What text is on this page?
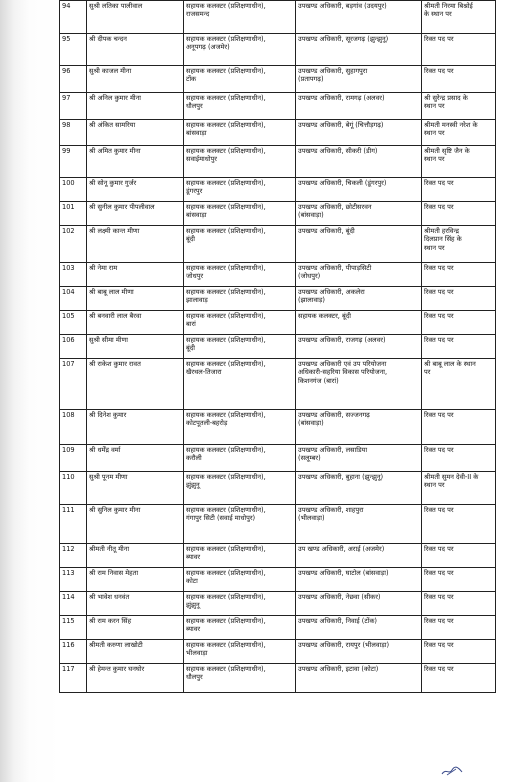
94	सुश्री लतिका पालीवाल	सहायक कलक्टर (प्रशिक्षणाधीन),
राजसमन्द	उपखण्ड अधिकारी, बड़गांव (उदयपुर)	श्रीमती निरमा बिश्नोई
के स्थान पर

95	श्री दीपक चन्दन	सहायक कलक्टर (प्रशिक्षणाधीन),
अनूपगढ़ (अजमेर)	उपखण्ड अधिकारी, सूरजगढ़ (झुन्झुनू)	रिक्त पद पर

96	सुश्री काजल मीना	सहायक कलक्टर (प्रशिक्षणाधीन),
टोंक	उपखण्ड अधिकारी, सुहागपुरा
(प्रतापगढ़)	रिक्त पद पर

97	श्री अनिल कुमार मीना	सहायक कलक्टर (प्रशिक्षणाधीन),
धौलपुर	उपखण्ड अधिकारी, रामगढ़ (अलवर)	श्री सुरेन्द्र प्रसाद के
स्थान पर

98	श्री अंकित सामरिया	सहायक कलक्टर (प्रशिक्षणाधीन),
बांसवाड़ा	उपखण्ड अधिकारी, बेगूं (चित्तौड़गढ़)	श्रीमती मनस्वी नरेश के
स्थान पर

99	श्री अमित कुमार मीना	सहायक कलक्टर (प्रशिक्षणाधीन),
सवाईमाधोपुर	उपखण्ड अधिकारी, सीकरी (डीग)	श्रीमती सृष्टि जैन के
स्थान पर

100	श्री सोनू कुमार गुर्जर	सहायक कलक्टर (प्रशिक्षणाधीन),
डूंगरपुर	उपखण्ड अधिकारी, चिकली (डूंगरपुर)	रिक्त पद पर

101	श्री सुनील कुमार पीपलीवाल	सहायक कलक्टर (प्रशिक्षणाधीन),
बांसवाड़ा	उपखण्ड अधिकारी, छोटीसरवन
(बांसवाड़ा)	रिक्त पद पर

102	श्री लक्ष्मी कान्त मीणा	सहायक कलक्टर (प्रशिक्षणाधीन),
बूंदी	उपखण्ड अधिकारी, बूंदी	श्रीमती हरविन्द्र
दिलप्रान सिंह के
स्थान पर

103	श्री नेमा राम	सहायक कलक्टर (प्रशिक्षणाधीन),
जोधपुर	उपखण्ड अधिकारी, पीपाड़सिटी
(जोधपुर)	रिक्त पद पर

104	श्री बाबू लाल मीणा	सहायक कलक्टर (प्रशिक्षणाधीन),
झालावाड़	उपखण्ड अधिकारी, अकलेरा
(झालावाड़)	रिक्त पद पर

105	श्री बनवारी लाल बैरवा	सहायक कलक्टर (प्रशिक्षणाधीन),
बारां	सहायक कलक्टर, बूंदी	रिक्त पद पर

106	सुश्री सीमा मीणा	सहायक कलक्टर (प्रशिक्षणाधीन),
बूंदी	उपखण्ड अधिकारी, राजगढ़ (अलवर)	रिक्त पद पर

107	श्री राकेश कुमार रावत	सहायक कलक्टर (प्रशिक्षणाधीन),
खैरथल-तिजारा	उपखण्ड अधिकारी एवं उप परियोजना
अधिकारी-सहरिया विकास परियोजना,
किशनगंज (बारां)	श्री बाबू लाल के स्थान
पर

108	श्री दिनेश कुमार	सहायक कलक्टर (प्रशिक्षणाधीन),
कोटपूतली-बहरोड़	उपखण्ड अधिकारी, सज्जनगढ़
(बांसवाड़ा)	रिक्त पद पर

109	श्री धर्मेंद्र वर्मा	सहायक कलक्टर (प्रशिक्षणाधीन),
करौली	उपखण्ड अधिकारी, लसाडिया
(सलूम्बर)	रिक्त पद पर

110	सुश्री पूनम मीणा	सहायक कलक्टर (प्रशिक्षणाधीन),
झुंझुनू	उपखण्ड अधिकारी, बुहाना (झुन्झुनू)	श्रीमती सुमन देवी-II के
स्थान पर

111	श्री सुनिल कुमार मीना	सहायक कलक्टर (प्रशिक्षणाधीन),
गंगापुर सिटी (सवाई माधोपुर)	उपखण्ड अधिकारी, शाहपुरा
(भीलवाड़ा)	रिक्त पद पर

112	श्रीमती नीतू मीना	सहायक कलक्टर (प्रशिक्षणाधीन),
ब्यावर	उप खण्ड अधिकारी, अराई (अजमेर)	रिक्त पद पर

113	श्री राम निवास मेहता	सहायक कलक्टर (प्रशिक्षणाधीन),
कोटा	उपखण्ड अधिकारी, घाटोल (बांसवाड़ा)	रिक्त पद पर

114	श्री भावेश धनवंत	सहायक कलक्टर (प्रशिक्षणाधीन),
झुंझुनू	उपखण्ड अधिकारी, नेछवा (सीकर)	रिक्त पद पर

115	श्री राम करन सिंह	सहायक कलक्टर (प्रशिक्षणाधीन),
ब्यावर	उपखण्ड अधिकारी, निवाई (टोंक)	रिक्त पद पर

116	श्रीमती करुणा लाखोटी	सहायक कलक्टर (प्रशिक्षणाधीन),
भीलवाड़ा	उपखण्ड अधिकारी, रायपुर (भीलवाड़ा)	रिक्त पद पर

117	श्री हेमन्त कुमार घनघोर	सहायक कलक्टर (प्रशिक्षणाधीन),
धौलपुर	उपखण्ड अधिकारी, इटावा (कोटा)	रिक्त पद पर
